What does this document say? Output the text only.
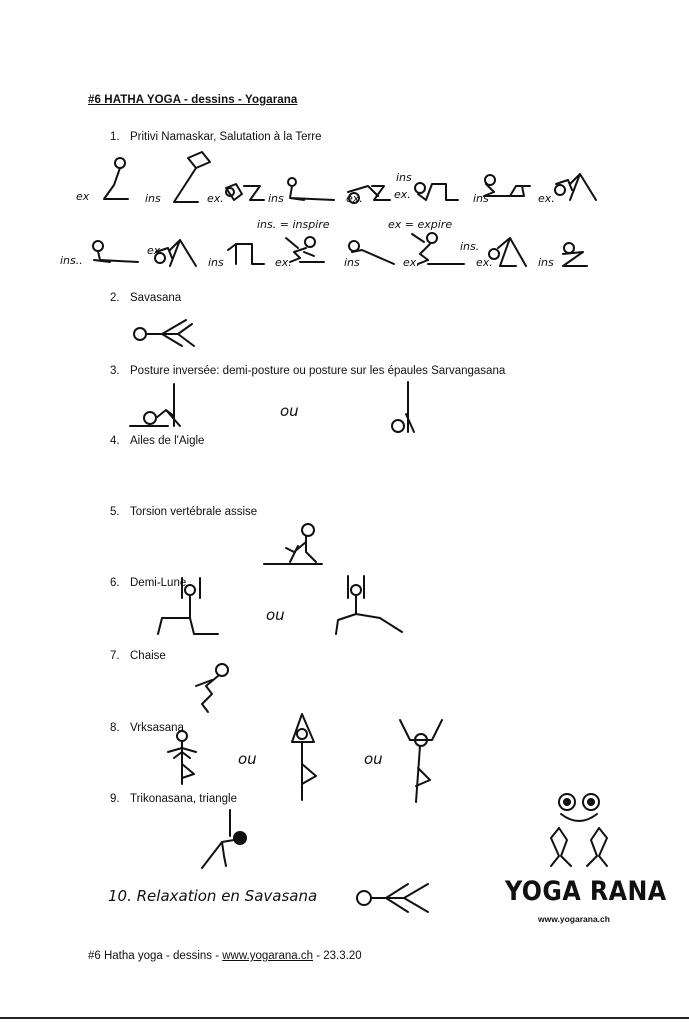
#6 HATHA YOGA - dessins - Yogarana
1. Pritivi Namaskar, Salutation à la Terre
ex	ins	ex.	ins	ex.
ins
ex.	ins	ex.
ins. = inspire	ex = expire
ins..
ex.
ins	ex.	ins	ex.
ins.
ex.	ins
2. Savasana
3. Posture inversée: demi-posture ou posture sur les épaules Sarvangasana
ou
4. Ailes de l'Aigle
5. Torsion vertébrale assise
6. Demi-Lune
ou
7. Chaise
8. Vrksasana
ou	ou
9. Trikonasana, triangle
10. Relaxation en Savasana	YOGA RANA
www.yogarana.ch
#6 Hatha yoga - dessins - www.yogarana.ch - 23.3.20
